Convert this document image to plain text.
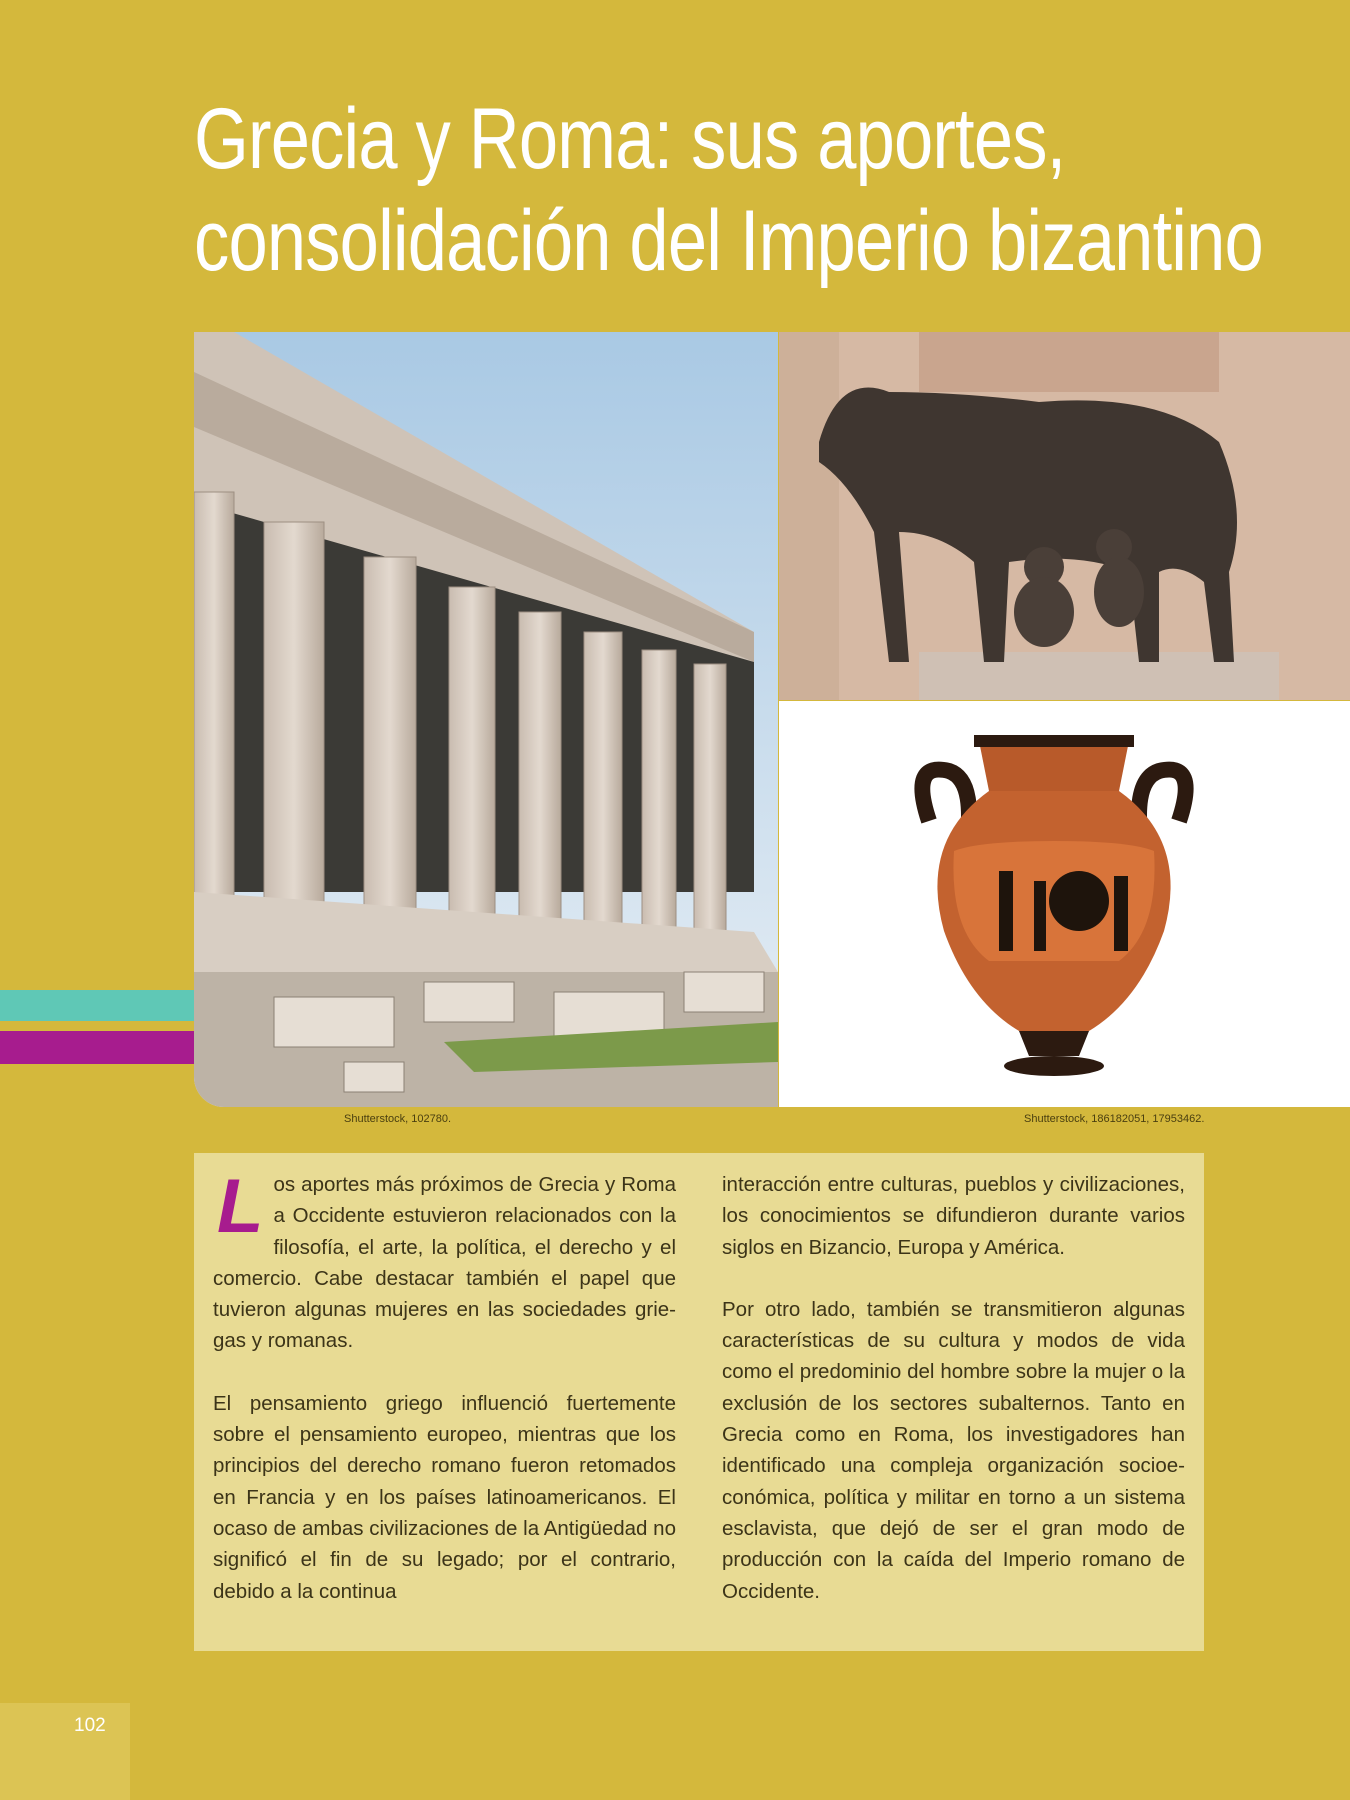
Grecia y Roma: sus aportes,
consolidación del Imperio bizantino
Shutterstock, 102780.	Shutterstock, 186182051, 17953462.

Los aportes más próximos de Grecia y Roma a Occidente estuvieron relacionados con la filosofía, el arte, la política, el derecho y el comercio. Cabe destacar también el papel que tuvieron algunas mujeres en las sociedades griegas y romanas.

El pensamiento griego influenció fuertemente sobre el pensamiento europeo, mientras que los principios del derecho romano fueron retomados en Francia y en los países latinoamericanos. El ocaso de ambas civilizaciones de la Antigüedad no significó el fin de su legado; por el contrario, debido a la continua

interacción entre culturas, pueblos y civilizaciones, los conocimientos se difundieron durante varios siglos en Bizancio, Europa y América.

Por otro lado, también se transmitieron algunas características de su cultura y modos de vida como el predominio del hombre sobre la mujer o la exclusión de los sectores subalternos. Tanto en Grecia como en Roma, los investigadores han identificado una compleja organización socioeconómica, política y militar en torno a un sistema esclavista, que dejó de ser el gran modo de producción con la caída del Imperio romano de Occidente.

102
